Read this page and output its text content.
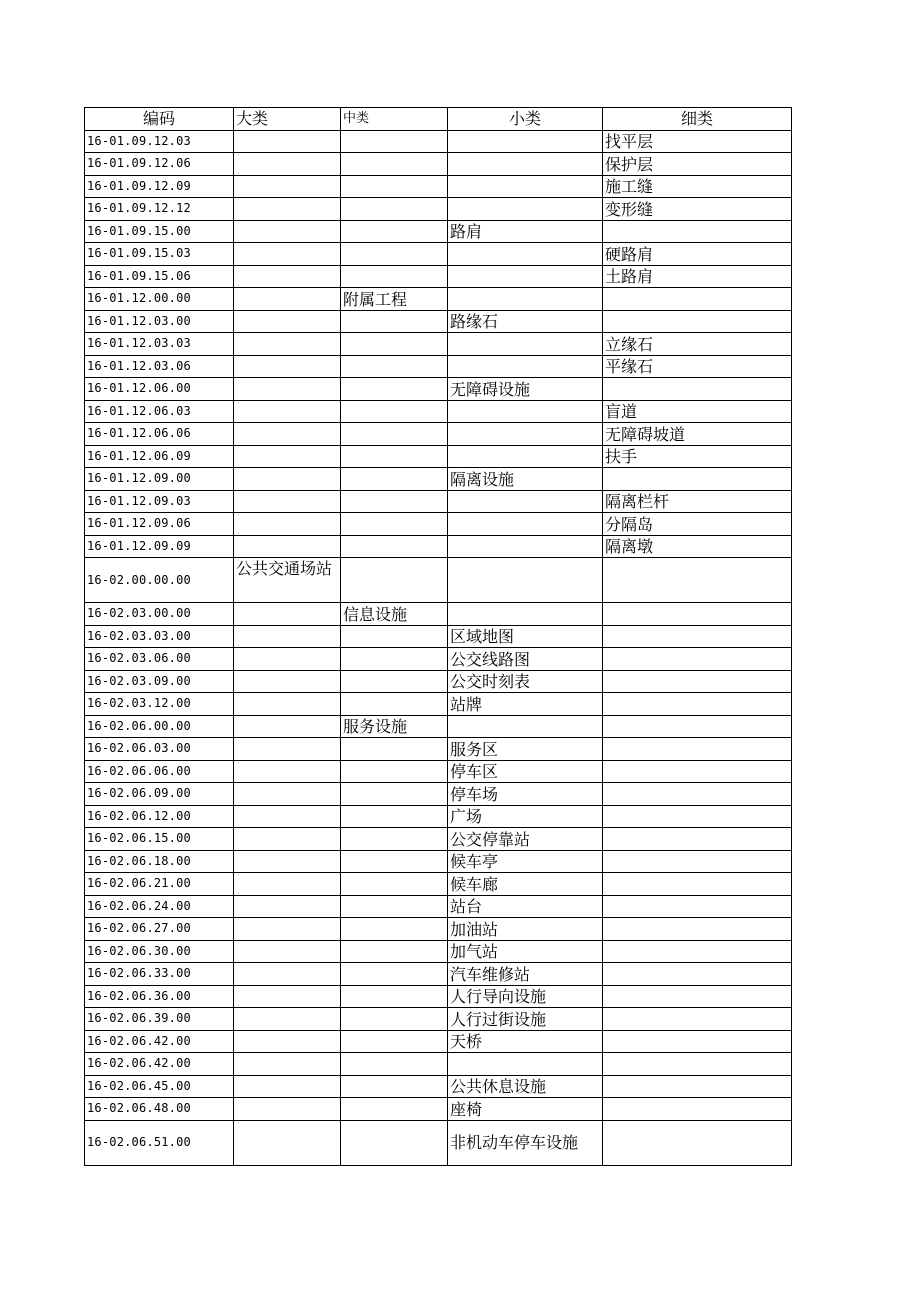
编码	大类	中类	小类	细类
16-01.09.12.03				找平层
16-01.09.12.06				保护层
16-01.09.12.09				施工缝
16-01.09.12.12				变形缝
16-01.09.15.00			路肩	
16-01.09.15.03				硬路肩
16-01.09.15.06				土路肩
16-01.12.00.00		附属工程		
16-01.12.03.00			路缘石	
16-01.12.03.03				立缘石
16-01.12.03.06				平缘石
16-01.12.06.00			无障碍设施	
16-01.12.06.03				盲道
16-01.12.06.06				无障碍坡道
16-01.12.06.09				扶手
16-01.12.09.00			隔离设施	
16-01.12.09.03				隔离栏杆
16-01.12.09.06				分隔岛
16-01.12.09.09				隔离墩
16-02.00.00.00	公共交通场站			
16-02.03.00.00		信息设施		
16-02.03.03.00			区域地图	
16-02.03.06.00			公交线路图	
16-02.03.09.00			公交时刻表	
16-02.03.12.00			站牌	
16-02.06.00.00		服务设施		
16-02.06.03.00			服务区	
16-02.06.06.00			停车区	
16-02.06.09.00			停车场	
16-02.06.12.00			广场	
16-02.06.15.00			公交停靠站	
16-02.06.18.00			候车亭	
16-02.06.21.00			候车廊	
16-02.06.24.00			站台	
16-02.06.27.00			加油站	
16-02.06.30.00			加气站	
16-02.06.33.00			汽车维修站	
16-02.06.36.00			人行导向设施	
16-02.06.39.00			人行过街设施	
16-02.06.42.00			天桥	
16-02.06.42.00				
16-02.06.45.00			公共休息设施	
16-02.06.48.00			座椅	
16-02.06.51.00			非机动车停车设施	
